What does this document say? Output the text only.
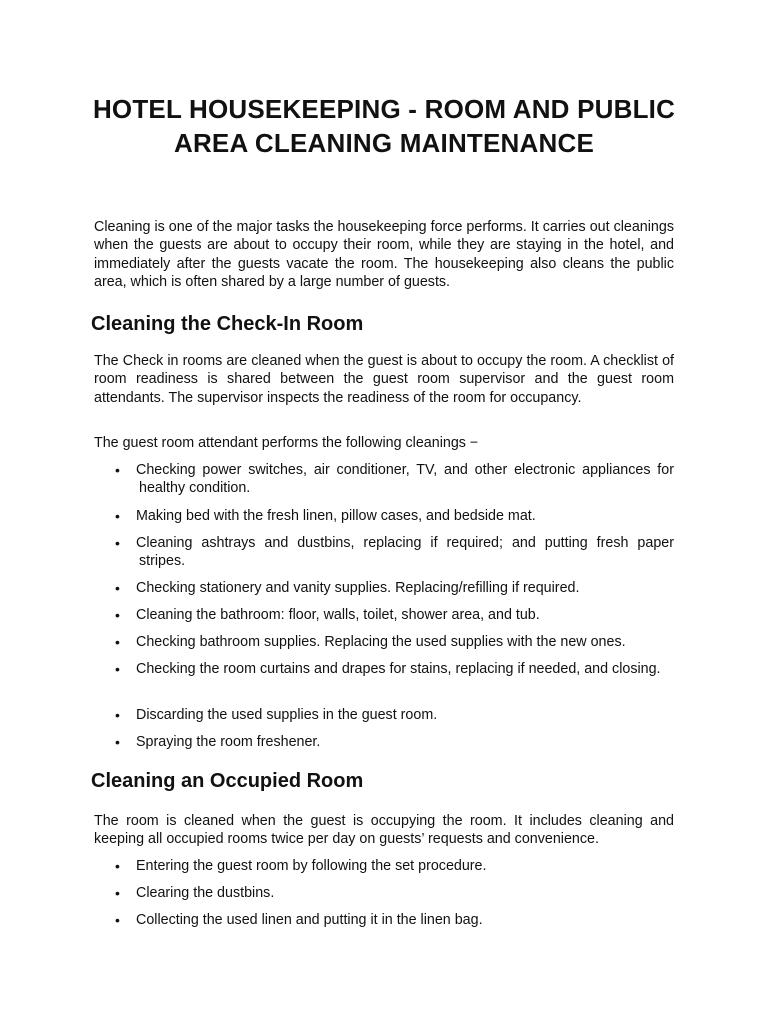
HOTEL HOUSEKEEPING - ROOM AND PUBLIC AREA CLEANING MAINTENANCE

Cleaning is one of the major tasks the housekeeping force performs. It carries out cleanings when the guests are about to occupy their room, while they are staying in the hotel, and immediately after the guests vacate the room. The housekeeping also cleans the public area, which is often shared by a large number of guests.

Cleaning the Check-In Room

The Check in rooms are cleaned when the guest is about to occupy the room. A checklist of room readiness is shared between the guest room supervisor and the guest room attendants. The supervisor inspects the readiness of the room for occupancy.

The guest room attendant performs the following cleanings −

• Checking power switches, air conditioner, TV, and other electronic appliances for healthy condition.
• Making bed with the fresh linen, pillow cases, and bedside mat.
• Cleaning ashtrays and dustbins, replacing if required; and putting fresh paper stripes.
• Checking stationery and vanity supplies. Replacing/refilling if required.
• Cleaning the bathroom: floor, walls, toilet, shower area, and tub.
• Checking bathroom supplies. Replacing the used supplies with the new ones.
• Checking the room curtains and drapes for stains, replacing if needed, and closing.
• Discarding the used supplies in the guest room.
• Spraying the room freshener.
Cleaning an Occupied Room

The room is cleaned when the guest is occupying the room. It includes cleaning and keeping all occupied rooms twice per day on guests’ requests and convenience.

• Entering the guest room by following the set procedure.
• Clearing the dustbins.
• Collecting the used linen and putting it in the linen bag.
